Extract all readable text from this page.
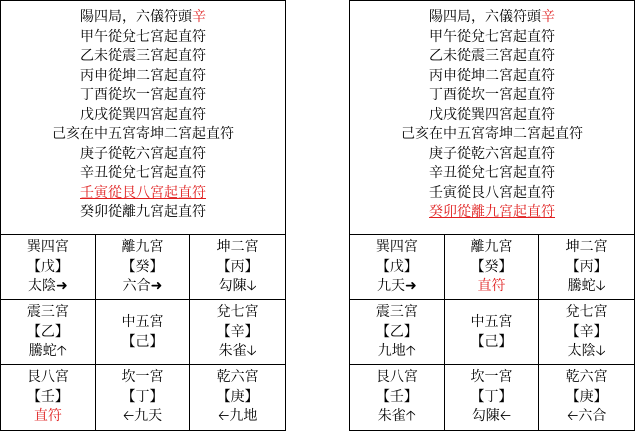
陽四局，六儀符頭辛
甲午從兌七宮起直符
乙未從震三宮起直符
丙申從坤二宮起直符
丁酉從坎一宮起直符
戊戌從巽四宮起直符
己亥在中五宮寄坤二宮起直符
庚子從乾六宮起直符
辛丑從兌七宮起直符
壬寅從艮八宮起直符
癸卯從離九宮起直符
巽四宮
【戊】
太陰➜
離九宮
【癸】
六合➜
坤二宮
【丙】
勾陳🡣
震三宮
【乙】
騰蛇🡡
中五宮
【己】
兌七宮
【辛】
朱雀🡣
艮八宮
【壬】
直符
坎一宮
【丁】
🡠九天
乾六宮
【庚】
🡠九地
陽四局，六儀符頭辛
甲午從兌七宮起直符
乙未從震三宮起直符
丙申從坤二宮起直符
丁酉從坎一宮起直符
戊戌從巽四宮起直符
己亥在中五宮寄坤二宮起直符
庚子從乾六宮起直符
辛丑從兌七宮起直符
壬寅從艮八宮起直符
癸卯從離九宮起直符
巽四宮
【戊】
九天➜
離九宮
【癸】
直符
坤二宮
【丙】
騰蛇🡣
震三宮
【乙】
九地🡡
中五宮
【己】
兌七宮
【辛】
太陰🡣
艮八宮
【壬】
朱雀🡡
坎一宮
【丁】
勾陳🡠
乾六宮
【庚】
🡠六合
